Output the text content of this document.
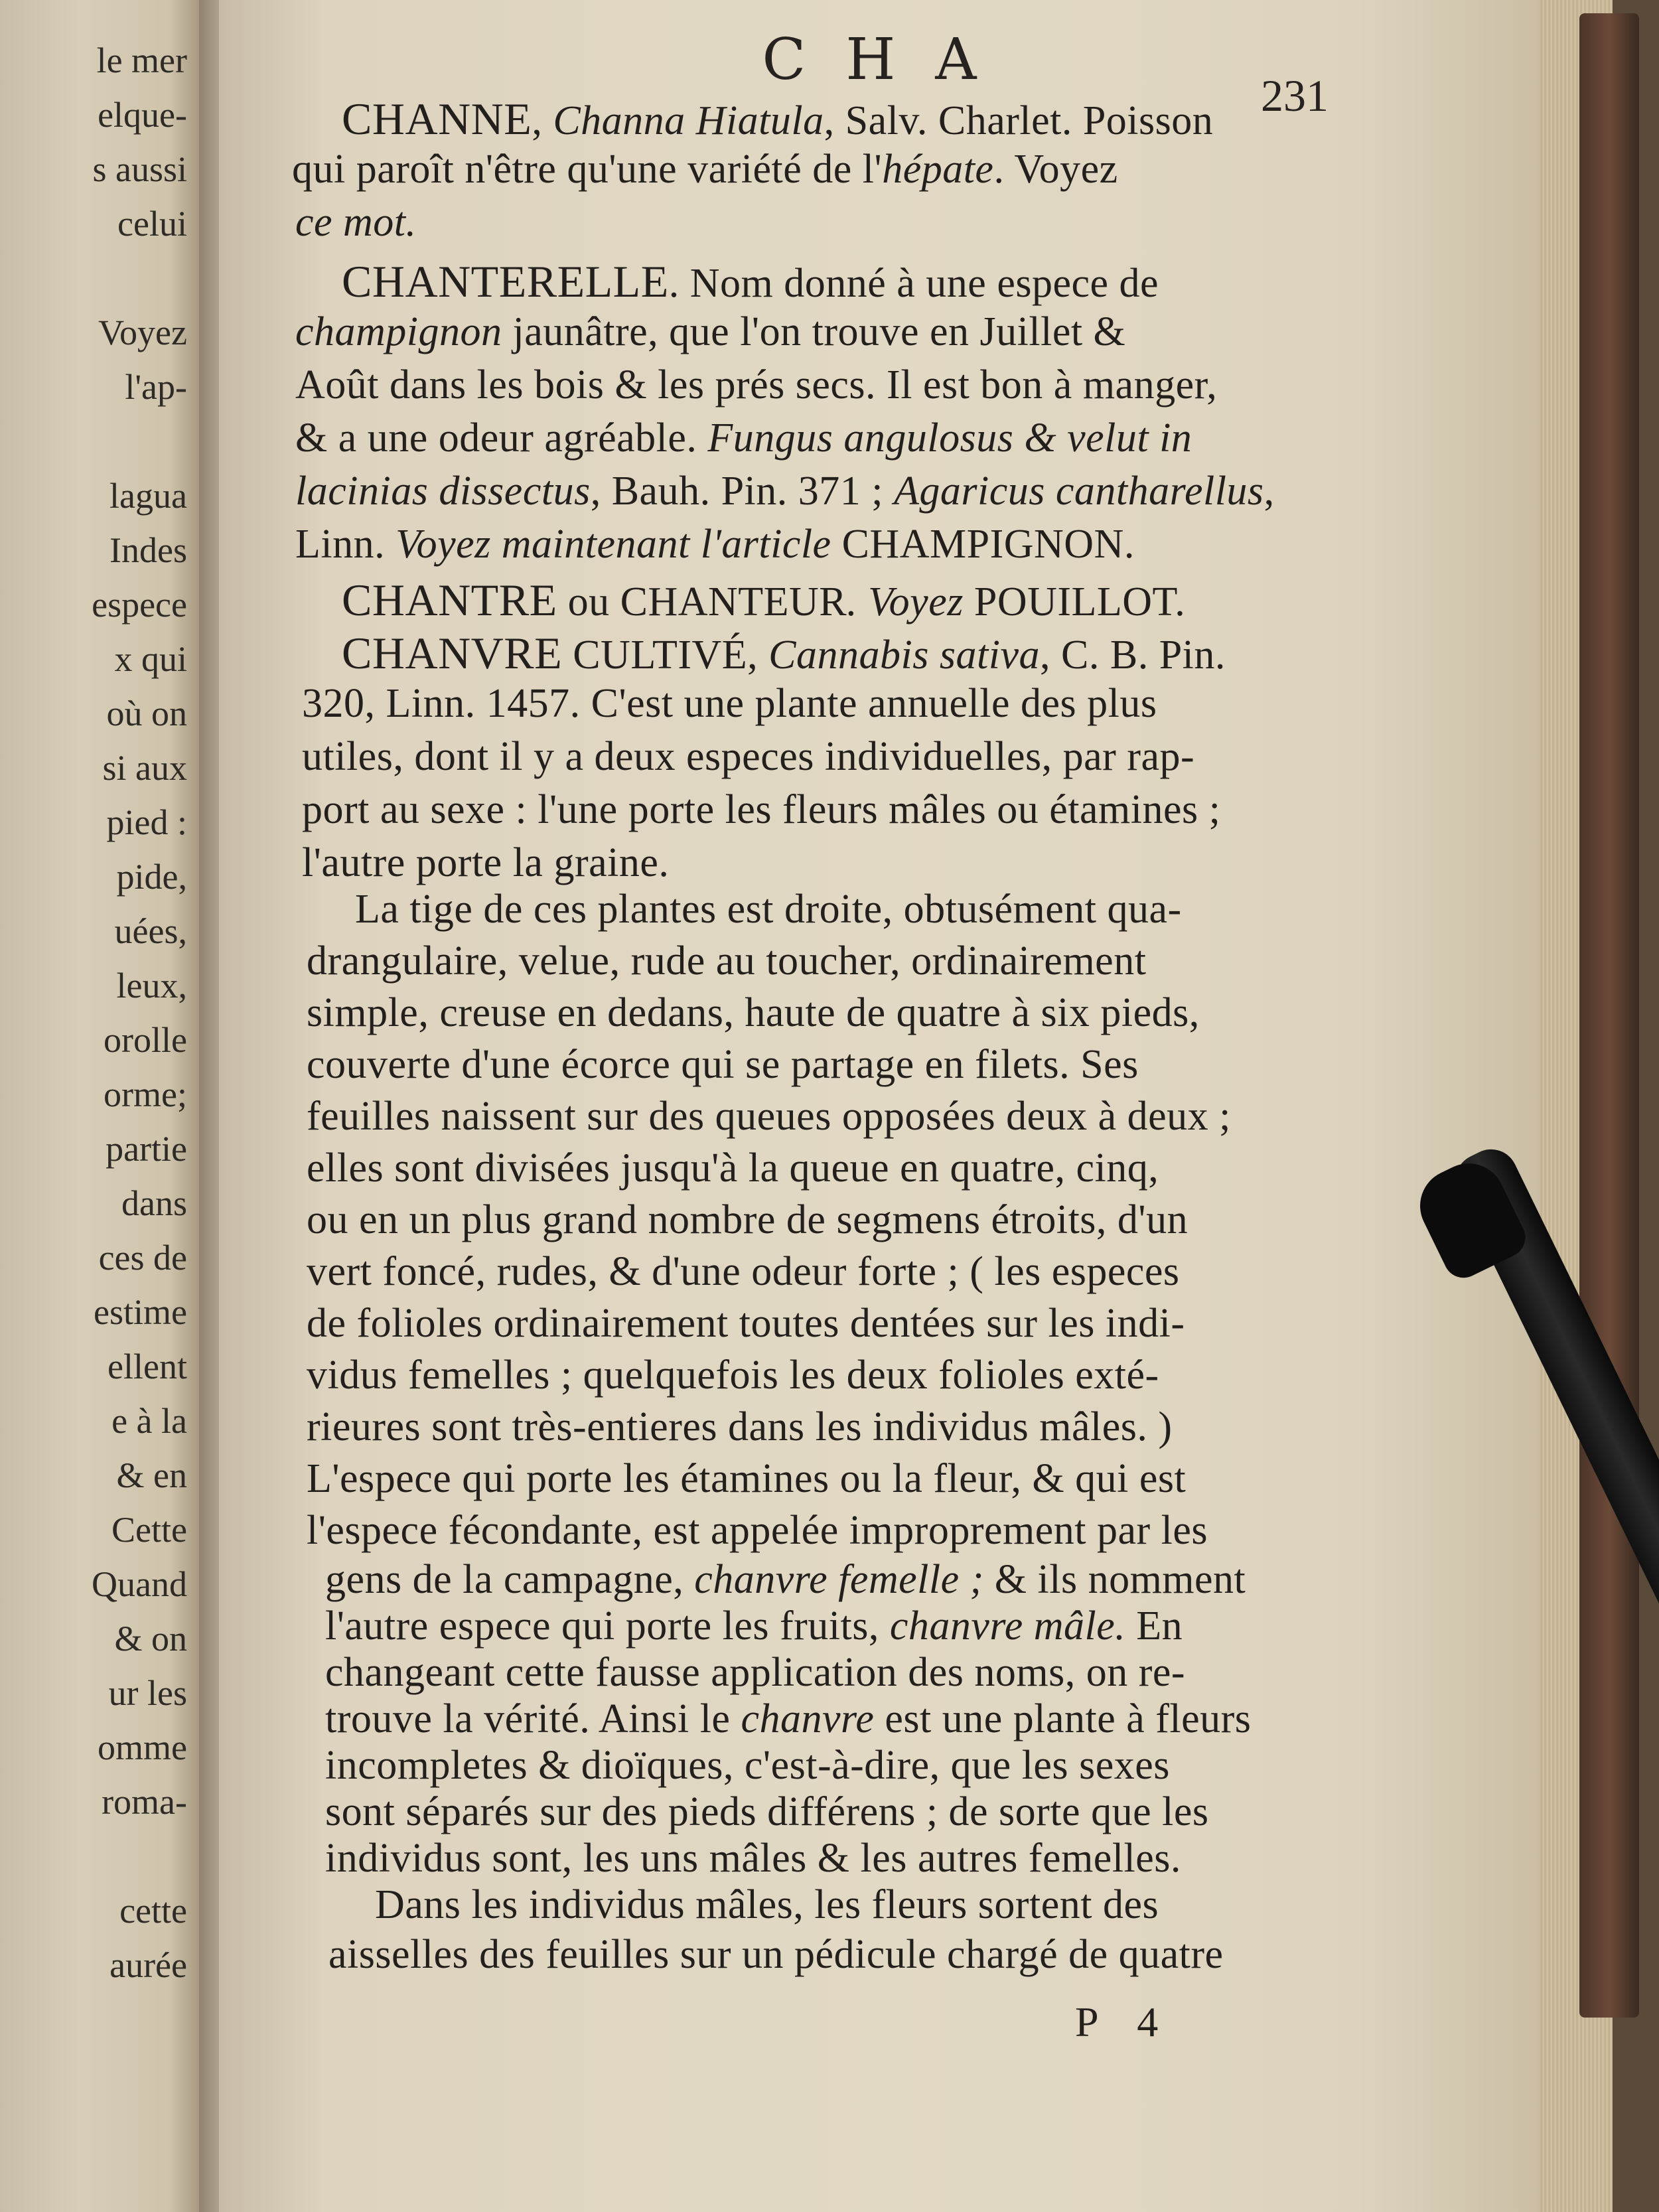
le mer
elque-
s aussi
celui
Voyez
l'ap-
lagua
Indes
espece
x qui
où on
si aux
pied :
pide,
uées,
leux,
orolle
orme;
partie
dans
ces de
estime
ellent
e à la
& en
Cette
Quand
& on
ur les
omme
roma-
cette
aurée
CHA
231
CHANNE, Channa Hiatula, Salv. Charlet. Poisson
qui paroît n'être qu'une variété de l'hépate. Voyez
ce mot.
CHANTERELLE. Nom donné à une espece de
champignon jaunâtre, que l'on trouve en Juillet &
Août dans les bois & les prés secs. Il est bon à manger,
& a une odeur agréable. Fungus angulosus & velut in
lacinias dissectus, Bauh. Pin. 371 ; Agaricus cantharellus,
Linn. Voyez maintenant l'article CHAMPIGNON.
CHANTRE ou CHANTEUR. Voyez POUILLOT.
CHANVRE CULTIVÉ, Cannabis sativa, C. B. Pin.
320, Linn. 1457. C'est une plante annuelle des plus
utiles, dont il y a deux especes individuelles, par rap-
port au sexe : l'une porte les fleurs mâles ou étamines ;
l'autre porte la graine.
La tige de ces plantes est droite, obtusément qua-
drangulaire, velue, rude au toucher, ordinairement
simple, creuse en dedans, haute de quatre à six pieds,
couverte d'une écorce qui se partage en filets. Ses
feuilles naissent sur des queues opposées deux à deux ;
elles sont divisées jusqu'à la queue en quatre, cinq,
ou en un plus grand nombre de segmens étroits, d'un
vert foncé, rudes, & d'une odeur forte ; ( les especes
de folioles ordinairement toutes dentées sur les indi-
vidus femelles ; quelquefois les deux folioles exté-
rieures sont très-entieres dans les individus mâles. )
L'espece qui porte les étamines ou la fleur, & qui est
l'espece fécondante, est appelée improprement par les
gens de la campagne, chanvre femelle ; & ils nomment
l'autre espece qui porte les fruits, chanvre mâle. En
changeant cette fausse application des noms, on re-
trouve la vérité. Ainsi le chanvre est une plante à fleurs
incompletes & dioïques, c'est-à-dire, que les sexes
sont séparés sur des pieds différens ; de sorte que les
individus sont, les uns mâles & les autres femelles.
Dans les individus mâles, les fleurs sortent des
aisselles des feuilles sur un pédicule chargé de quatre
P 4
